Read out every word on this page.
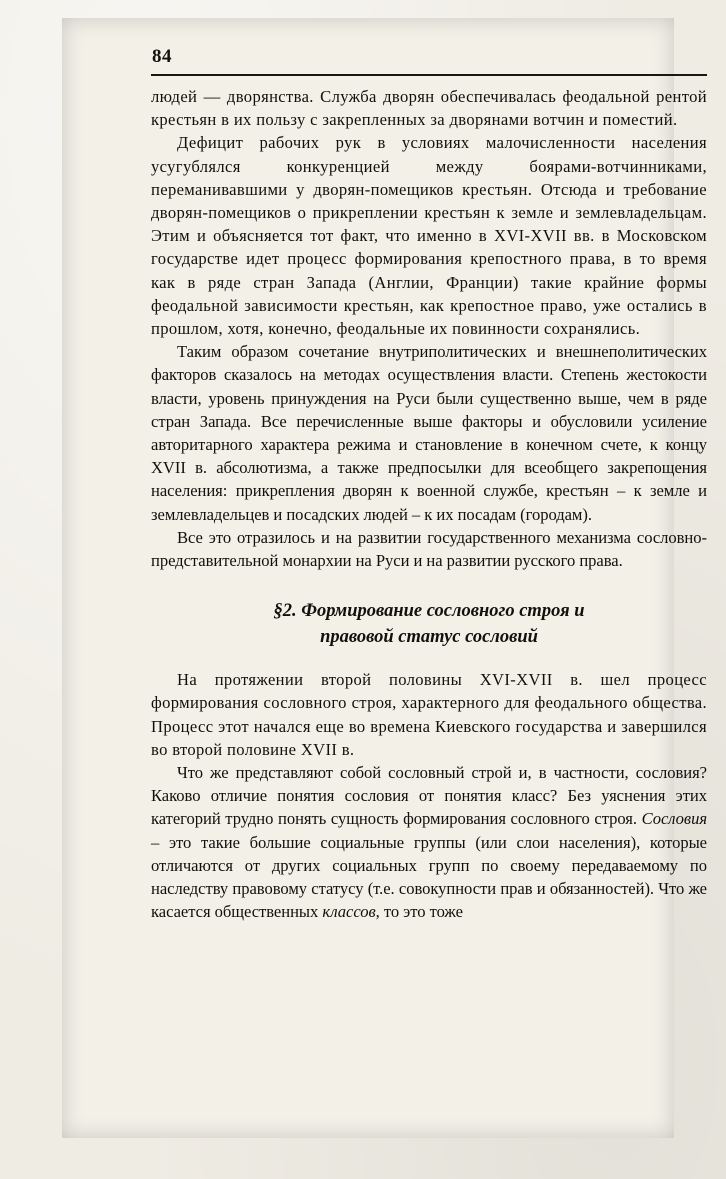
84

людей — дворянства. Служба дворян обеспечивалась феодальной рентой крестьян в их пользу с закрепленных за дворянами вотчин и поместий.

Дефицит рабочих рук в условиях малочисленности населения усугублялся конкуренцией между боярами-вотчинниками, переманивавшими у дворян-помещиков крестьян. Отсюда и требование дворян-помещиков о прикреплении крестьян к земле и землевладельцам. Этим и объясняется тот факт, что именно в XVI-XVII вв. в Московском государстве идет процесс формирования крепостного права, в то время как в ряде стран Запада (Англии, Франции) такие крайние формы феодальной зависимости крестьян, как крепостное право, уже остались в прошлом, хотя, конечно, феодальные их повинности сохранялись.

Таким образом сочетание внутриполитических и внешнеполитических факторов сказалось на методах осуществления власти. Степень жестокости власти, уровень принуждения на Руси были существенно выше, чем в ряде стран Запада. Все перечисленные выше факторы и обусловили усиление авторитарного характера режима и становление в конечном счете, к концу XVII в. абсолютизма, а также предпосылки для всеобщего закрепощения населения: прикрепления дворян к военной службе, крестьян – к земле и землевладельцев и посадских людей – к их посадам (городам).

Все это отразилось и на развитии государственного механизма сословно-представительной монархии на Руси и на развитии русского права.

§2. Формирование сословного строя и
правовой статус сословий

На протяжении второй половины XVI-XVII в. шел процесс формирования сословного строя, характерного для феодального общества. Процесс этот начался еще во времена Киевского государства и завершился во второй половине XVII в.

Что же представляют собой сословный строй и, в частности, сословия? Каково отличие понятия сословия от понятия класс? Без уяснения этих категорий трудно понять сущность формирования сословного строя. Сословия – это такие большие социальные группы (или слои населения), которые отличаются от других социальных групп по своему передаваемому по наследству правовому статусу (т.е. совокупности прав и обязанностей). Что же касается общественных классов, то это тоже
